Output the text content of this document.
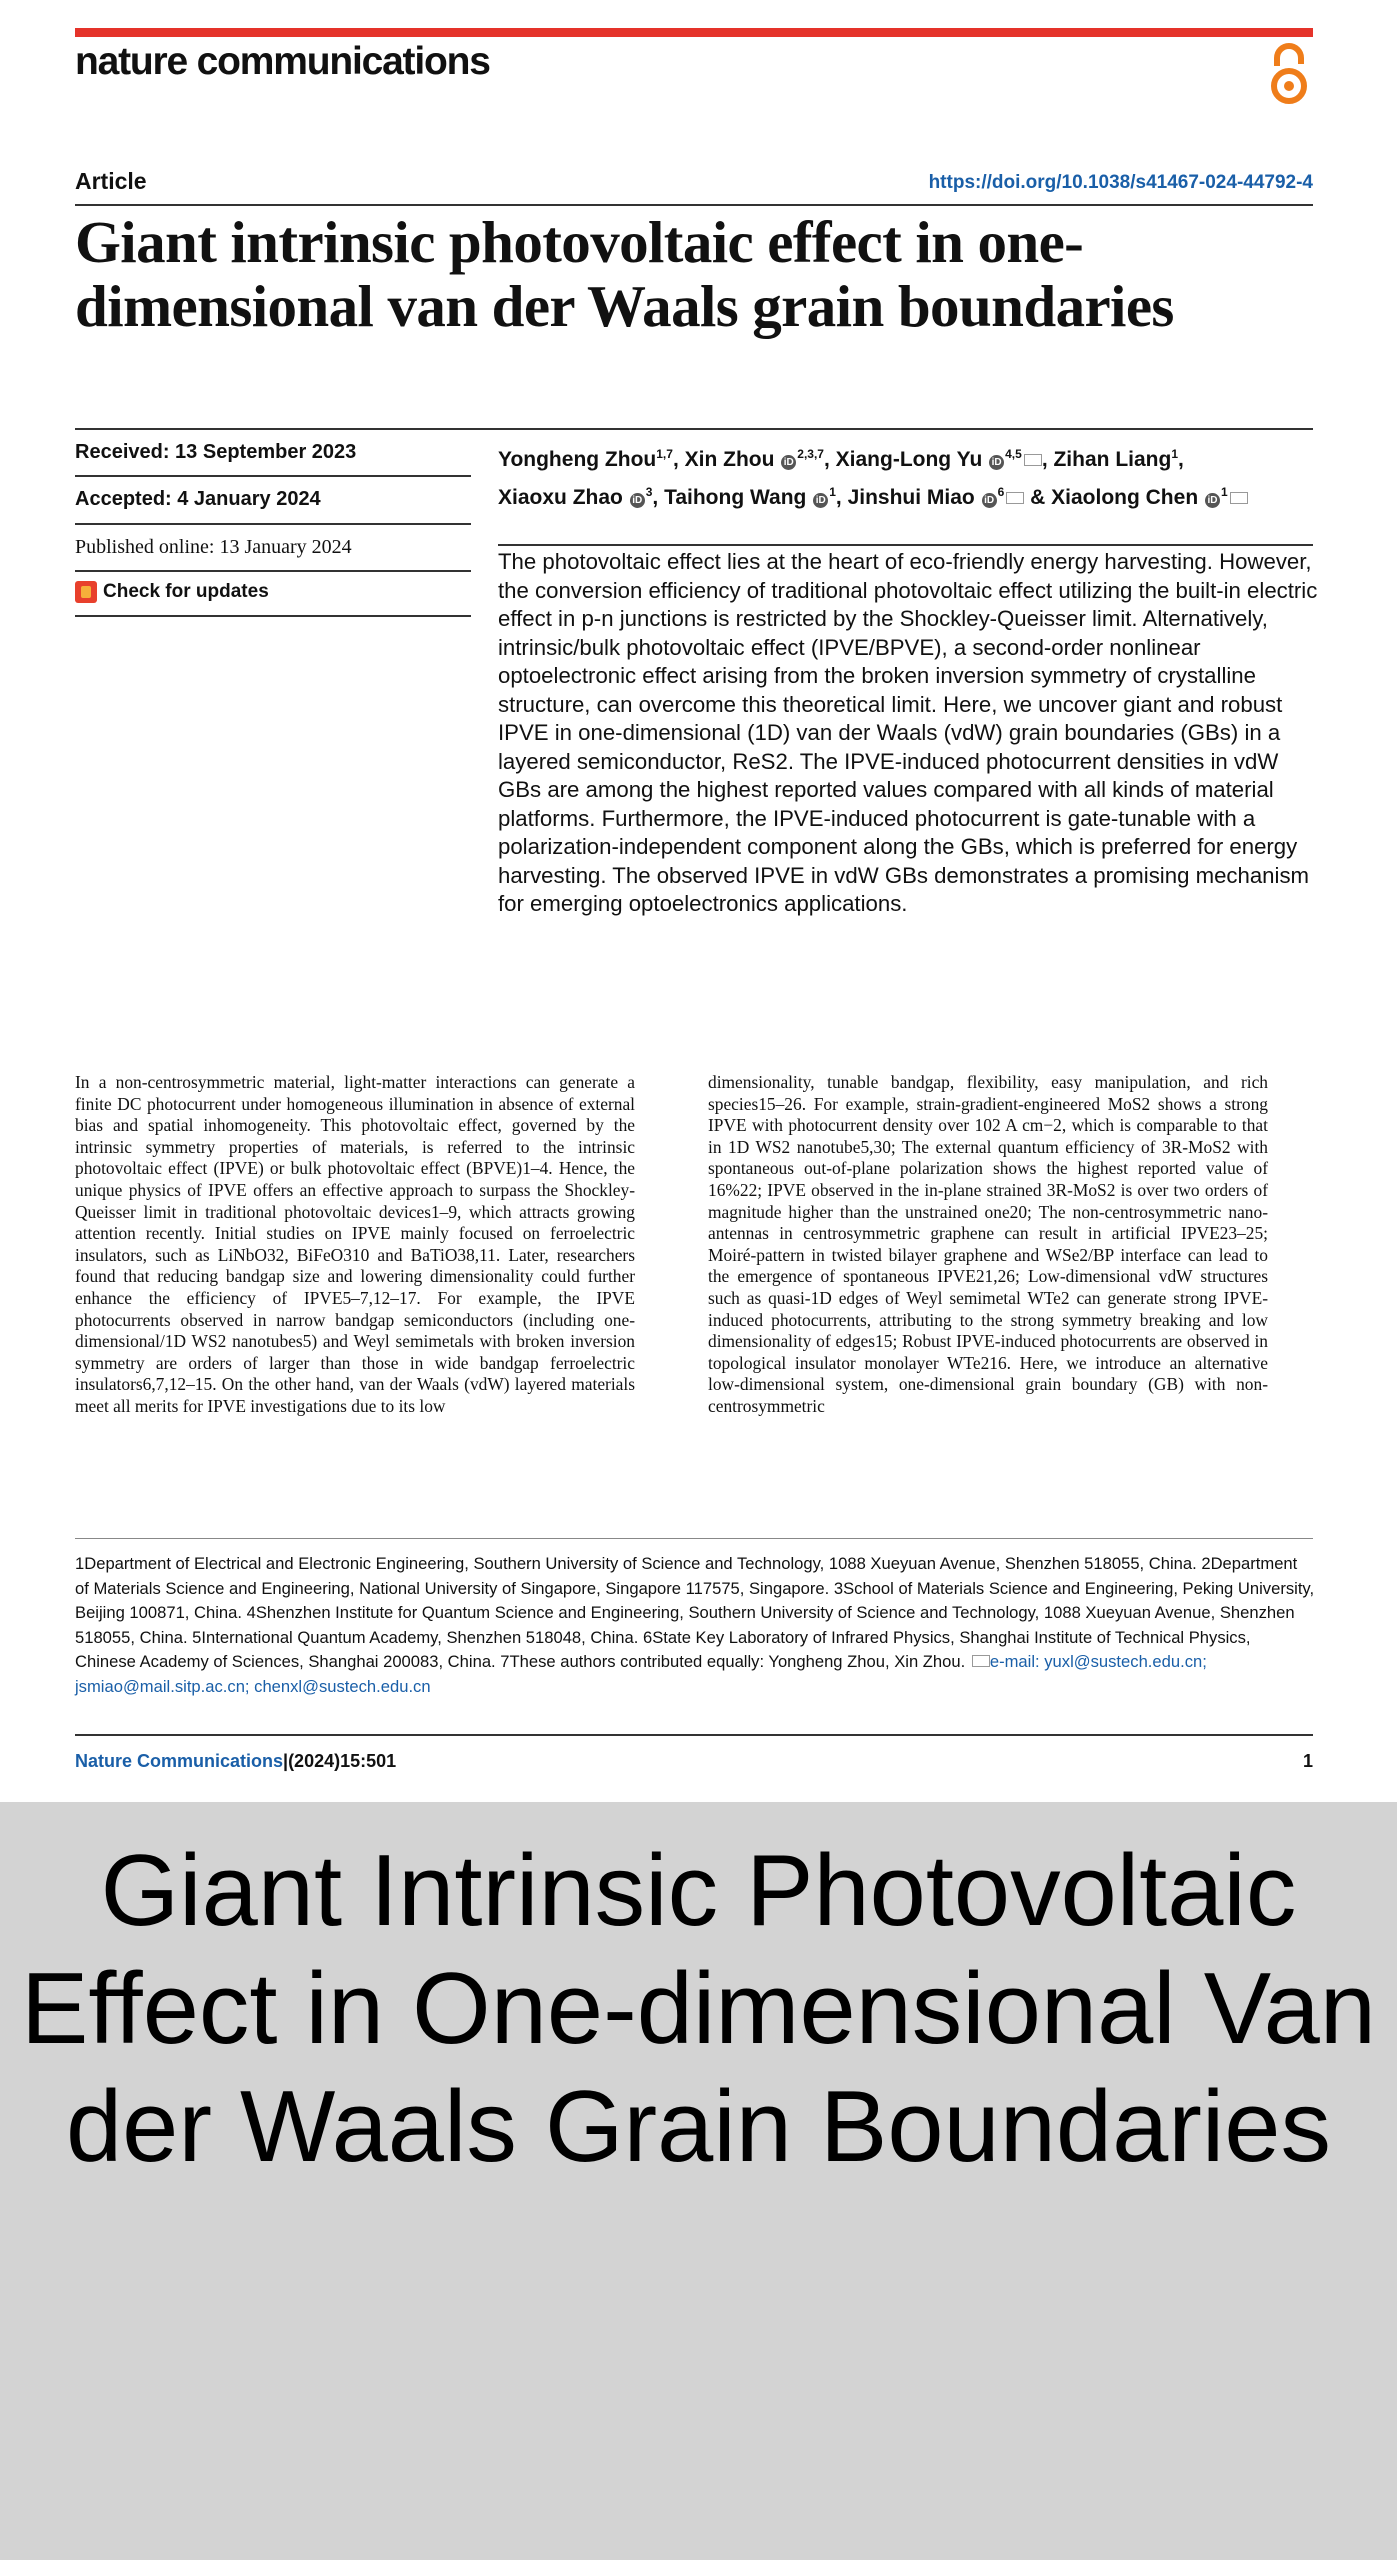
nature communications
Article	https://doi.org/10.1038/s41467-024-44792-4
Giant intrinsic photovoltaic effect in one-dimensional van der Waals grain boundaries
Received: 13 September 2023
Accepted: 4 January 2024
Published online: 13 January 2024
Check for updates
Yongheng Zhou$^{1,7}$, Xin Zhou iD$^{2,3,7}$, Xiang-Long Yu iD$^{4,5}$ , Zihan Liang$^1$,
Xiaoxu Zhao $iD^3$, Taihong Wang $iD^1$, Jinshui Miao $iD^6$ & Xiaolong Chen $iD^1$

The photovoltaic effect lies at the heart of eco-friendly energy harvesting. However, the conversion efficiency of traditional photovoltaic effect utilizing the built-in electric effect in p-n junctions is restricted by the Shockley-Queisser limit. Alternatively, intrinsic/bulk photovoltaic effect (IPVE/BPVE), a second-order nonlinear optoelectronic effect arising from the broken inversion symmetry of crystalline structure, can overcome this theoretical limit. Here, we uncover giant and robust IPVE in one-dimensional (1D) van der Waals (vdW) grain boundaries (GBs) in a layered semiconductor, ReS2. The IPVE-induced photocurrent densities in vdW GBs are among the highest reported values compared with all kinds of material platforms. Furthermore, the IPVE-induced photocurrent is gate-tunable with a polarization-independent component along the GBs, which is preferred for energy harvesting. The observed IPVE in vdW GBs demonstrates a promising mechanism for emerging optoelectronics applications.

In a non-centrosymmetric material, light-matter interactions can generate a finite DC photocurrent under homogeneous illumination in absence of external bias and spatial inhomogeneity. This photovoltaic effect, governed by the intrinsic symmetry properties of materials, is referred to the intrinsic photovoltaic effect (IPVE) or bulk photovoltaic effect (BPVE)1–4. Hence, the unique physics of IPVE offers an effective approach to surpass the Shockley-Queisser limit in traditional photovoltaic devices1–9, which attracts growing attention recently. Initial studies on IPVE mainly focused on ferroelectric insulators, such as LiNbO32, BiFeO310 and BaTiO38,11. Later, researchers found that reducing bandgap size and lowering dimensionality could further enhance the efficiency of IPVE5–7,12–17. For example, the IPVE photocurrents observed in narrow bandgap semiconductors (including one-dimensional/1D WS2 nanotubes5) and Weyl semimetals with broken inversion symmetry are orders of larger than those in wide bandgap ferroelectric insulators6,7,12–15. On the other hand, van der Waals (vdW) layered materials meet all merits for IPVE investigations due to its low

dimensionality, tunable bandgap, flexibility, easy manipulation, and rich species15–26. For example, strain-gradient-engineered MoS2 shows a strong IPVE with photocurrent density over 102 A cm−2, which is comparable to that in 1D WS2 nanotube5,30; The external quantum efficiency of 3R-MoS2 with spontaneous out-of-plane polarization shows the highest reported value of 16%22; IPVE observed in the in-plane strained 3R-MoS2 is over two orders of magnitude higher than the unstrained one20; The non-centrosymmetric nano-antennas in centrosymmetric graphene can result in artificial IPVE23–25; Moiré-pattern in twisted bilayer graphene and WSe2/BP interface can lead to the emergence of spontaneous IPVE21,26; Low-dimensional vdW structures such as quasi-1D edges of Weyl semimetal WTe2 can generate strong IPVE-induced photocurrents, attributing to the strong symmetry breaking and low dimensionality of edges15; Robust IPVE-induced photocurrents are observed in topological insulator monolayer WTe216. Here, we introduce an alternative low-dimensional system, one-dimensional grain boundary (GB) with non-centrosymmetric

1Department of Electrical and Electronic Engineering, Southern University of Science and Technology, 1088 Xueyuan Avenue, Shenzhen 518055, China. 2Department of Materials Science and Engineering, National University of Singapore, Singapore 117575, Singapore. 3School of Materials Science and Engineering, Peking University, Beijing 100871, China. 4Shenzhen Institute for Quantum Science and Engineering, Southern University of Science and Technology, 1088 Xueyuan Avenue, Shenzhen 518055, China. 5International Quantum Academy, Shenzhen 518048, China. 6State Key Laboratory of Infrared Physics, Shanghai Institute of Technical Physics, Chinese Academy of Sciences, Shanghai 200083, China. 7These authors contributed equally: Yongheng Zhou, Xin Zhou. e-mail: yuxl@sustech.edu.cn; jsmiao@mail.sitp.ac.cn; chenxl@sustech.edu.cn

Nature Communications|(2024)15:501	1

Giant Intrinsic Photovoltaic Effect in One-dimensional Van der Waals Grain Boundaries
